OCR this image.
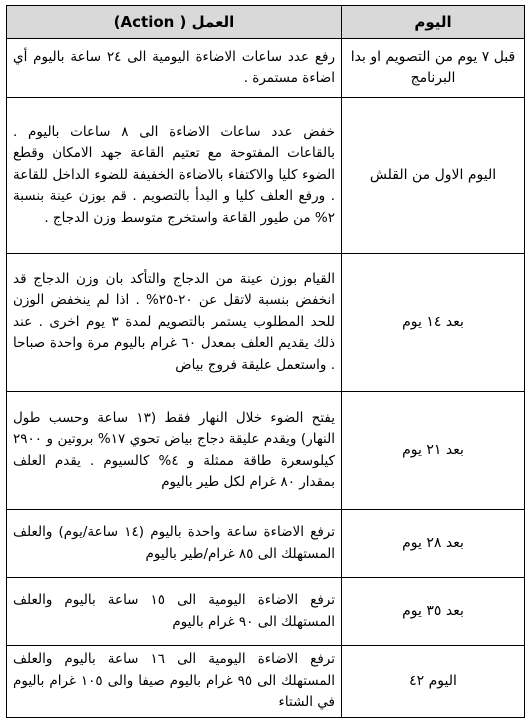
اليوم	العمل ( Action)
قبل ٧ يوم من التصويم او بدا البرنامج	رفع عدد ساعات الاضاءة اليومية الى ٢٤ ساعة باليوم أي اضاءة مستمرة .
اليوم الاول من القلش	خفض عدد ساعات الاضاءة الى ٨ ساعات باليوم . بالقاعات المفتوحة مع تعتيم القاعة جهد الامكان وقطع الضوء كليا والاكتفاء بالاضاءة الخفيفة للضوء الداخل للقاعة . ورفع العلف كليا و البدأ بالتصويم . قم بوزن عينة بنسبة ٢% من طيور القاعة واستخرج متوسط وزن الدجاج .
بعد ١٤ يوم	القيام بوزن عينة من الدجاج والتأكد بان وزن الدجاج قد انخفض بنسبة لاتقل عن ٢٠-٢٥% . اذا لم ينخفض الوزن للحد المطلوب يستمر بالتصويم لمدة ٣ يوم اخرى . عند ذلك يقديم العلف بمعدل ٦٠ غرام باليوم مرة واحدة صباحا . واستعمل عليقة فروج بياض
بعد ٢١ يوم	يفتح الضوء خلال النهار فقط (١٣ ساعة وحسب طول النهار) ويقدم عليقة دجاج بياض تحوي ١٧% بروتين و ٢٩٠٠ كيلوسعرة طاقة ممثلة و ٤% كالسيوم . يقدم العلف بمقدار ٨٠ غرام لكل طير باليوم
بعد ٢٨ يوم	ترفع الاضاءة ساعة واحدة باليوم (١٤ ساعة/يوم) والعلف المستهلك الى ٨٥ غرام/طير باليوم
بعد ٣٥ يوم	ترفع الاضاءة اليومية الى ١٥ ساعة باليوم والعلف المستهلك الى ٩٠ غرام باليوم
اليوم ٤٢	ترفع الاضاءة اليومية الى ١٦ ساعة باليوم والعلف المستهلك الى ٩٥ غرام باليوم صيفا والى ١٠٥ غرام باليوم في الشتاء
